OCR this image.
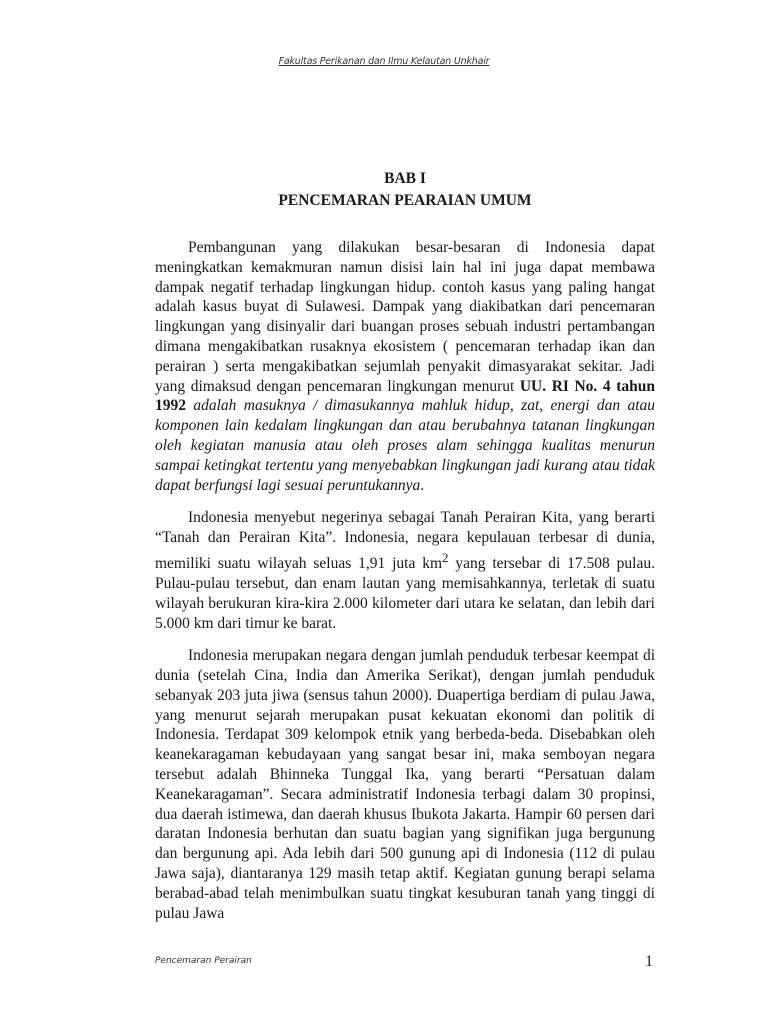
Fakultas Perikanan dan Ilmu Kelautan Unkhair
BAB I
PENCEMARAN PEARAIAN UMUM

Pembangunan yang dilakukan besar-besaran di Indonesia dapat meningkatkan kemakmuran namun disisi lain hal ini juga dapat membawa dampak negatif terhadap lingkungan hidup. contoh kasus yang paling hangat adalah kasus buyat di Sulawesi. Dampak yang diakibatkan dari pencemaran lingkungan yang disinyalir dari buangan proses sebuah industri pertambangan dimana mengakibatkan rusaknya ekosistem ( pencemaran terhadap ikan dan perairan ) serta mengakibatkan sejumlah penyakit dimasyarakat sekitar. Jadi yang dimaksud dengan pencemaran lingkungan menurut UU. RI No. 4 tahun 1992 adalah masuknya / dimasukannya mahluk hidup, zat, energi dan atau komponen lain kedalam lingkungan dan atau berubahnya tatanan lingkungan oleh kegiatan manusia atau oleh proses alam sehingga kualitas menurun sampai ketingkat tertentu yang menyebabkan lingkungan jadi kurang atau tidak dapat berfungsi lagi sesuai peruntukannya.

Indonesia menyebut negerinya sebagai Tanah Perairan Kita, yang berarti “Tanah dan Perairan Kita”. Indonesia, negara kepulauan terbesar di dunia, memiliki suatu wilayah seluas 1,91 juta $km^2$ yang tersebar di 17.508 pulau. Pulau-pulau tersebut, dan enam lautan yang memisahkannya, terletak di suatu wilayah berukuran kira-kira 2.000 kilometer dari utara ke selatan, dan lebih dari 5.000 km dari timur ke barat.

Indonesia merupakan negara dengan jumlah penduduk terbesar keempat di dunia (setelah Cina, India dan Amerika Serikat), dengan jumlah penduduk sebanyak 203 juta jiwa (sensus tahun 2000). Duapertiga berdiam di pulau Jawa, yang menurut sejarah merupakan pusat kekuatan ekonomi dan politik di Indonesia. Terdapat 309 kelompok etnik yang berbeda-beda. Disebabkan oleh keanekaragaman kebudayaan yang sangat besar ini, maka semboyan negara tersebut adalah Bhinneka Tunggal Ika, yang berarti “Persatuan dalam Keanekaragaman”. Secara administratif Indonesia terbagi dalam 30 propinsi, dua daerah istimewa, dan daerah khusus Ibukota Jakarta. Hampir 60 persen dari daratan Indonesia berhutan dan suatu bagian yang signifikan juga bergunung dan bergunung api. Ada lebih dari 500 gunung api di Indonesia (112 di pulau Jawa saja), diantaranya 129 masih tetap aktif. Kegiatan gunung berapi selama berabad-abad telah menimbulkan suatu tingkat kesuburan tanah yang tinggi di pulau Jawa

Pencemaran Perairan	1
